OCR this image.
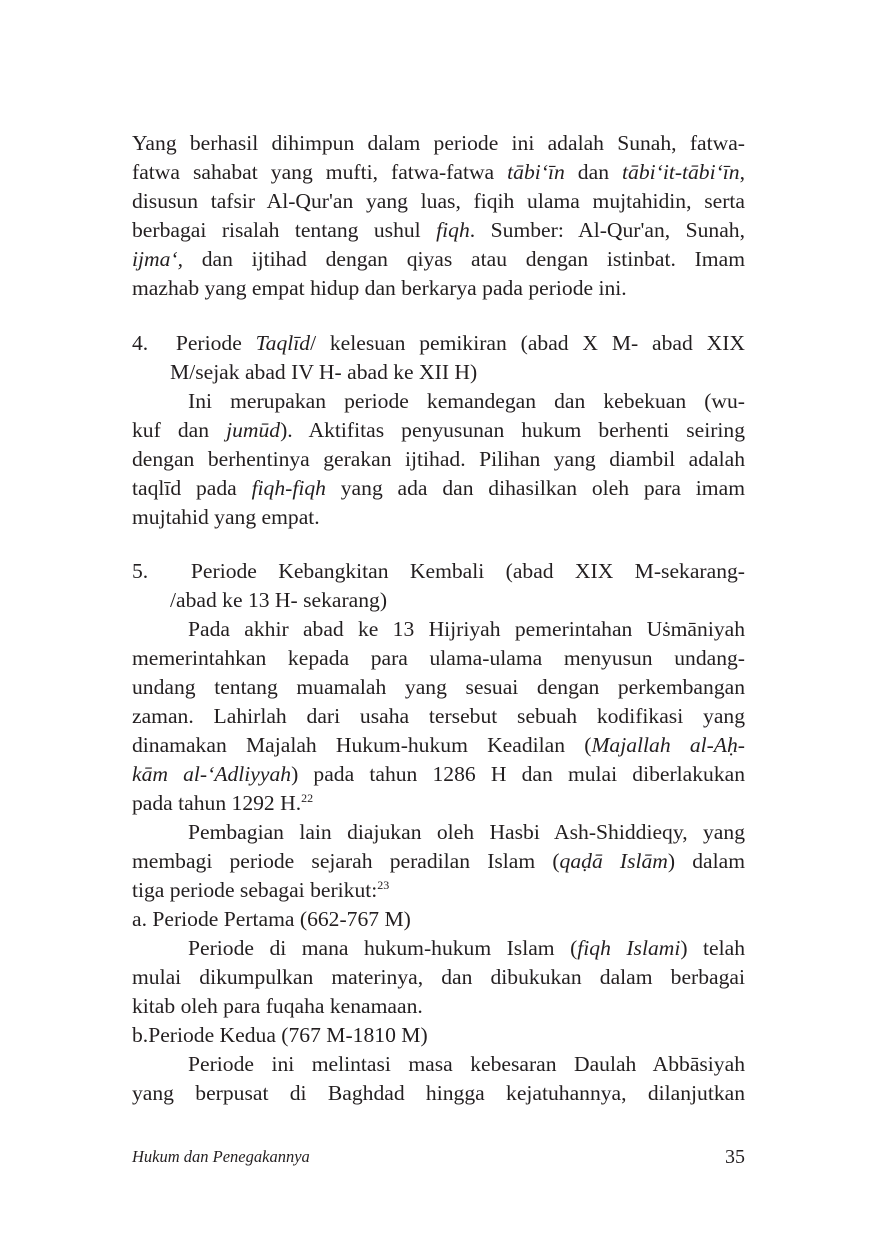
Yang berhasil dihimpun dalam periode ini adalah Sunah, fatwa-
fatwa sahabat yang mufti, fatwa-fatwa tābi‘īn dan tābi‘it-tābi‘īn,
disusun tafsir Al-Qur'an yang luas, fiqih ulama mujtahidin, serta
berbagai risalah tentang ushul fiqh. Sumber: Al-Qur'an, Sunah,
ijma‘, dan ijtihad dengan qiyas atau dengan istinbat. Imam
mazhab yang empat hidup dan berkarya pada periode ini.
4.  Periode Taqlīd/ kelesuan pemikiran (abad X M- abad XIX
M/sejak abad IV H- abad ke XII H)
Ini merupakan periode kemandegan dan kebekuan (wu-
kuf dan jumūd). Aktifitas penyusunan hukum berhenti seiring
dengan berhentinya gerakan ijtihad. Pilihan yang diambil adalah
taqlīd pada fiqh-fiqh yang ada dan dihasilkan oleh para imam
mujtahid yang empat.
5.  Periode Kebangkitan Kembali (abad XIX M-sekarang-
/abad ke 13 H- sekarang)
Pada akhir abad ke 13 Hijriyah pemerintahan Uṡmāniyah
memerintahkan kepada para ulama-ulama menyusun undang-
undang tentang muamalah yang sesuai dengan perkembangan
zaman. Lahirlah dari usaha tersebut sebuah kodifikasi yang
dinamakan Majalah Hukum-hukum Keadilan (Majallah al-Aḥ-
kām al-‘Adliyyah) pada tahun 1286 H dan mulai diberlakukan
pada tahun 1292 H.$^{22}$
Pembagian lain diajukan oleh Hasbi Ash-Shiddieqy, yang
membagi periode sejarah peradilan Islam (qaḍā Islām) dalam
tiga periode sebagai berikut:$^{23}$
a. Periode Pertama (662-767 M)
Periode di mana hukum-hukum Islam (fiqh Islami) telah
mulai dikumpulkan materinya, dan dibukukan dalam berbagai
kitab oleh para fuqaha kenamaan.
b.Periode Kedua (767 M-1810 M)
Periode ini melintasi masa kebesaran Daulah Abbāsiyah
yang berpusat di Baghdad hingga kejatuhannya, dilanjutkan
Hukum dan Penegakannya	35
